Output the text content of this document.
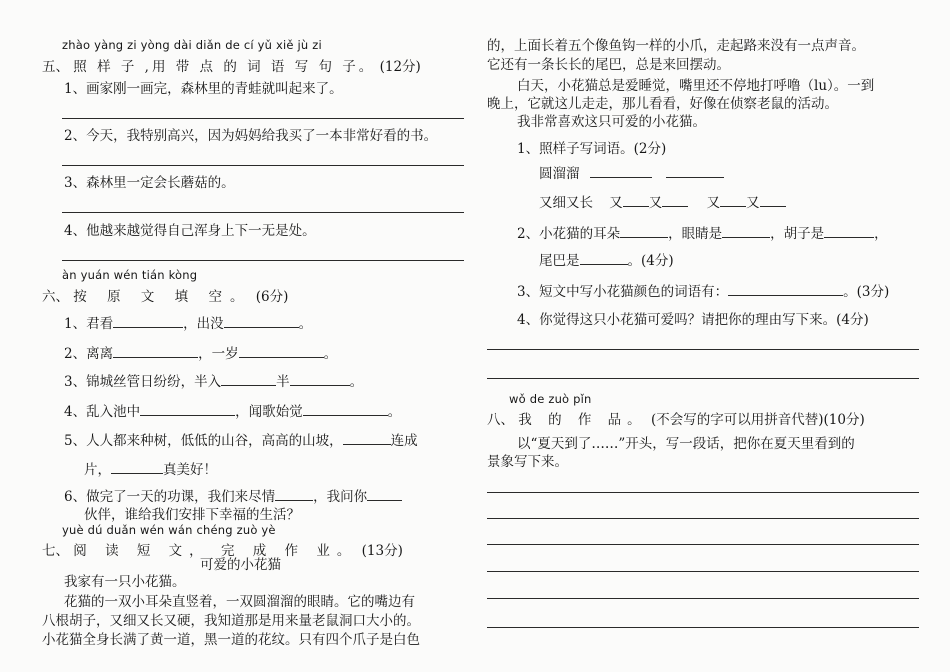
zhào yàng zi yòng dài diǎn de cí yǔ xiě jù zi
五、 照 样 子 ,用 带 点 的 词 语 写 句 子。 (12分)
1、画家刚一画完，森林里的青蛙就叫起来了。
2、今天，我特别高兴，因为妈妈给我买了一本非常好看的书。
3、森林里一定会长蘑菇的。
4、他越来越觉得自己浑身上下一无是处。
àn yuán wén tián kòng
六、 按 原 文 填 空。 (6分)
1、君看	，出没	。
2、离离	，一岁	。
3、锦城丝管日纷纷，半入	半	。
4、乱入池中	，闻歌始觉	。
5、人人都来种树，低低的山谷，高高的山坡，	连成
片，	真美好！
6、做完了一天的功课，我们来尽情	，我问你
伙伴，谁给我们安排下幸福的生活？
yuè dú duǎn wén wán chéng zuò yè
七、 阅 读 短 文， 完 成 作 业。 (13分)
可爱的小花猫
我家有一只小花猫。
花猫的一双小耳朵直竖着，一双圆溜溜的眼睛。它的嘴边有
八根胡子，又细又长又硬，我知道那是用来量老鼠洞口大小的。
小花猫全身长满了黄一道，黑一道的花纹。只有四个爪子是白色
的，上面长着五个像鱼钩一样的小爪，走起路来没有一点声音。
它还有一条长长的尾巴，总是来回摆动。
白天，小花猫总是爱睡觉，嘴里还不停地打呼噜（lu）。一到
晚上，它就这儿走走，那儿看看，好像在侦察老鼠的活动。
我非常喜欢这只可爱的小花猫。
1、照样子写词语。(2分)
圆溜溜
又细又长 又 又	又 又
2、小花猫的耳朵	，眼睛是	，胡子是	，
尾巴是	。(4分)
3、短文中写小花猫颜色的词语有：	。(3分)
4、你觉得这只小花猫可爱吗？请把你的理由写下来。(4分)
wǒ de zuò pǐn
八、 我 的 作 品。 (不会写的字可以用拼音代替)(10分)
以“夏天到了……”开头，写一段话，把你在夏天里看到的
景象写下来。
